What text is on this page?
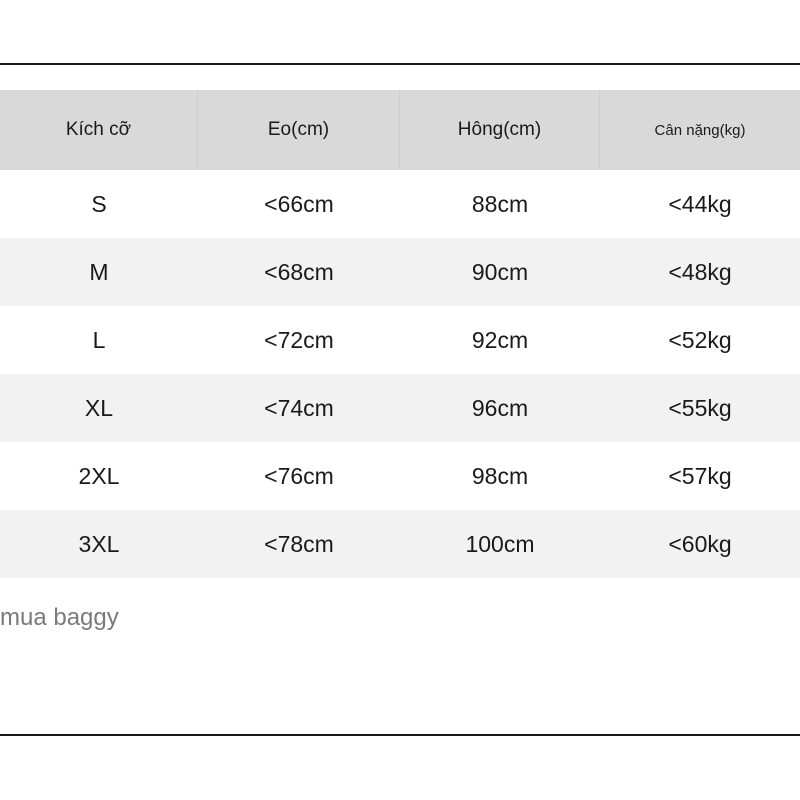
Kích cỡ	Eo(cm)	Hông(cm)	Cân nặng(kg)
S	<66cm	88cm	<44kg
M	<68cm	90cm	<48kg
L	<72cm	92cm	<52kg
XL	<74cm	96cm	<55kg
2XL	<76cm	98cm	<57kg
3XL	<78cm	100cm	<60kg
mua baggy
